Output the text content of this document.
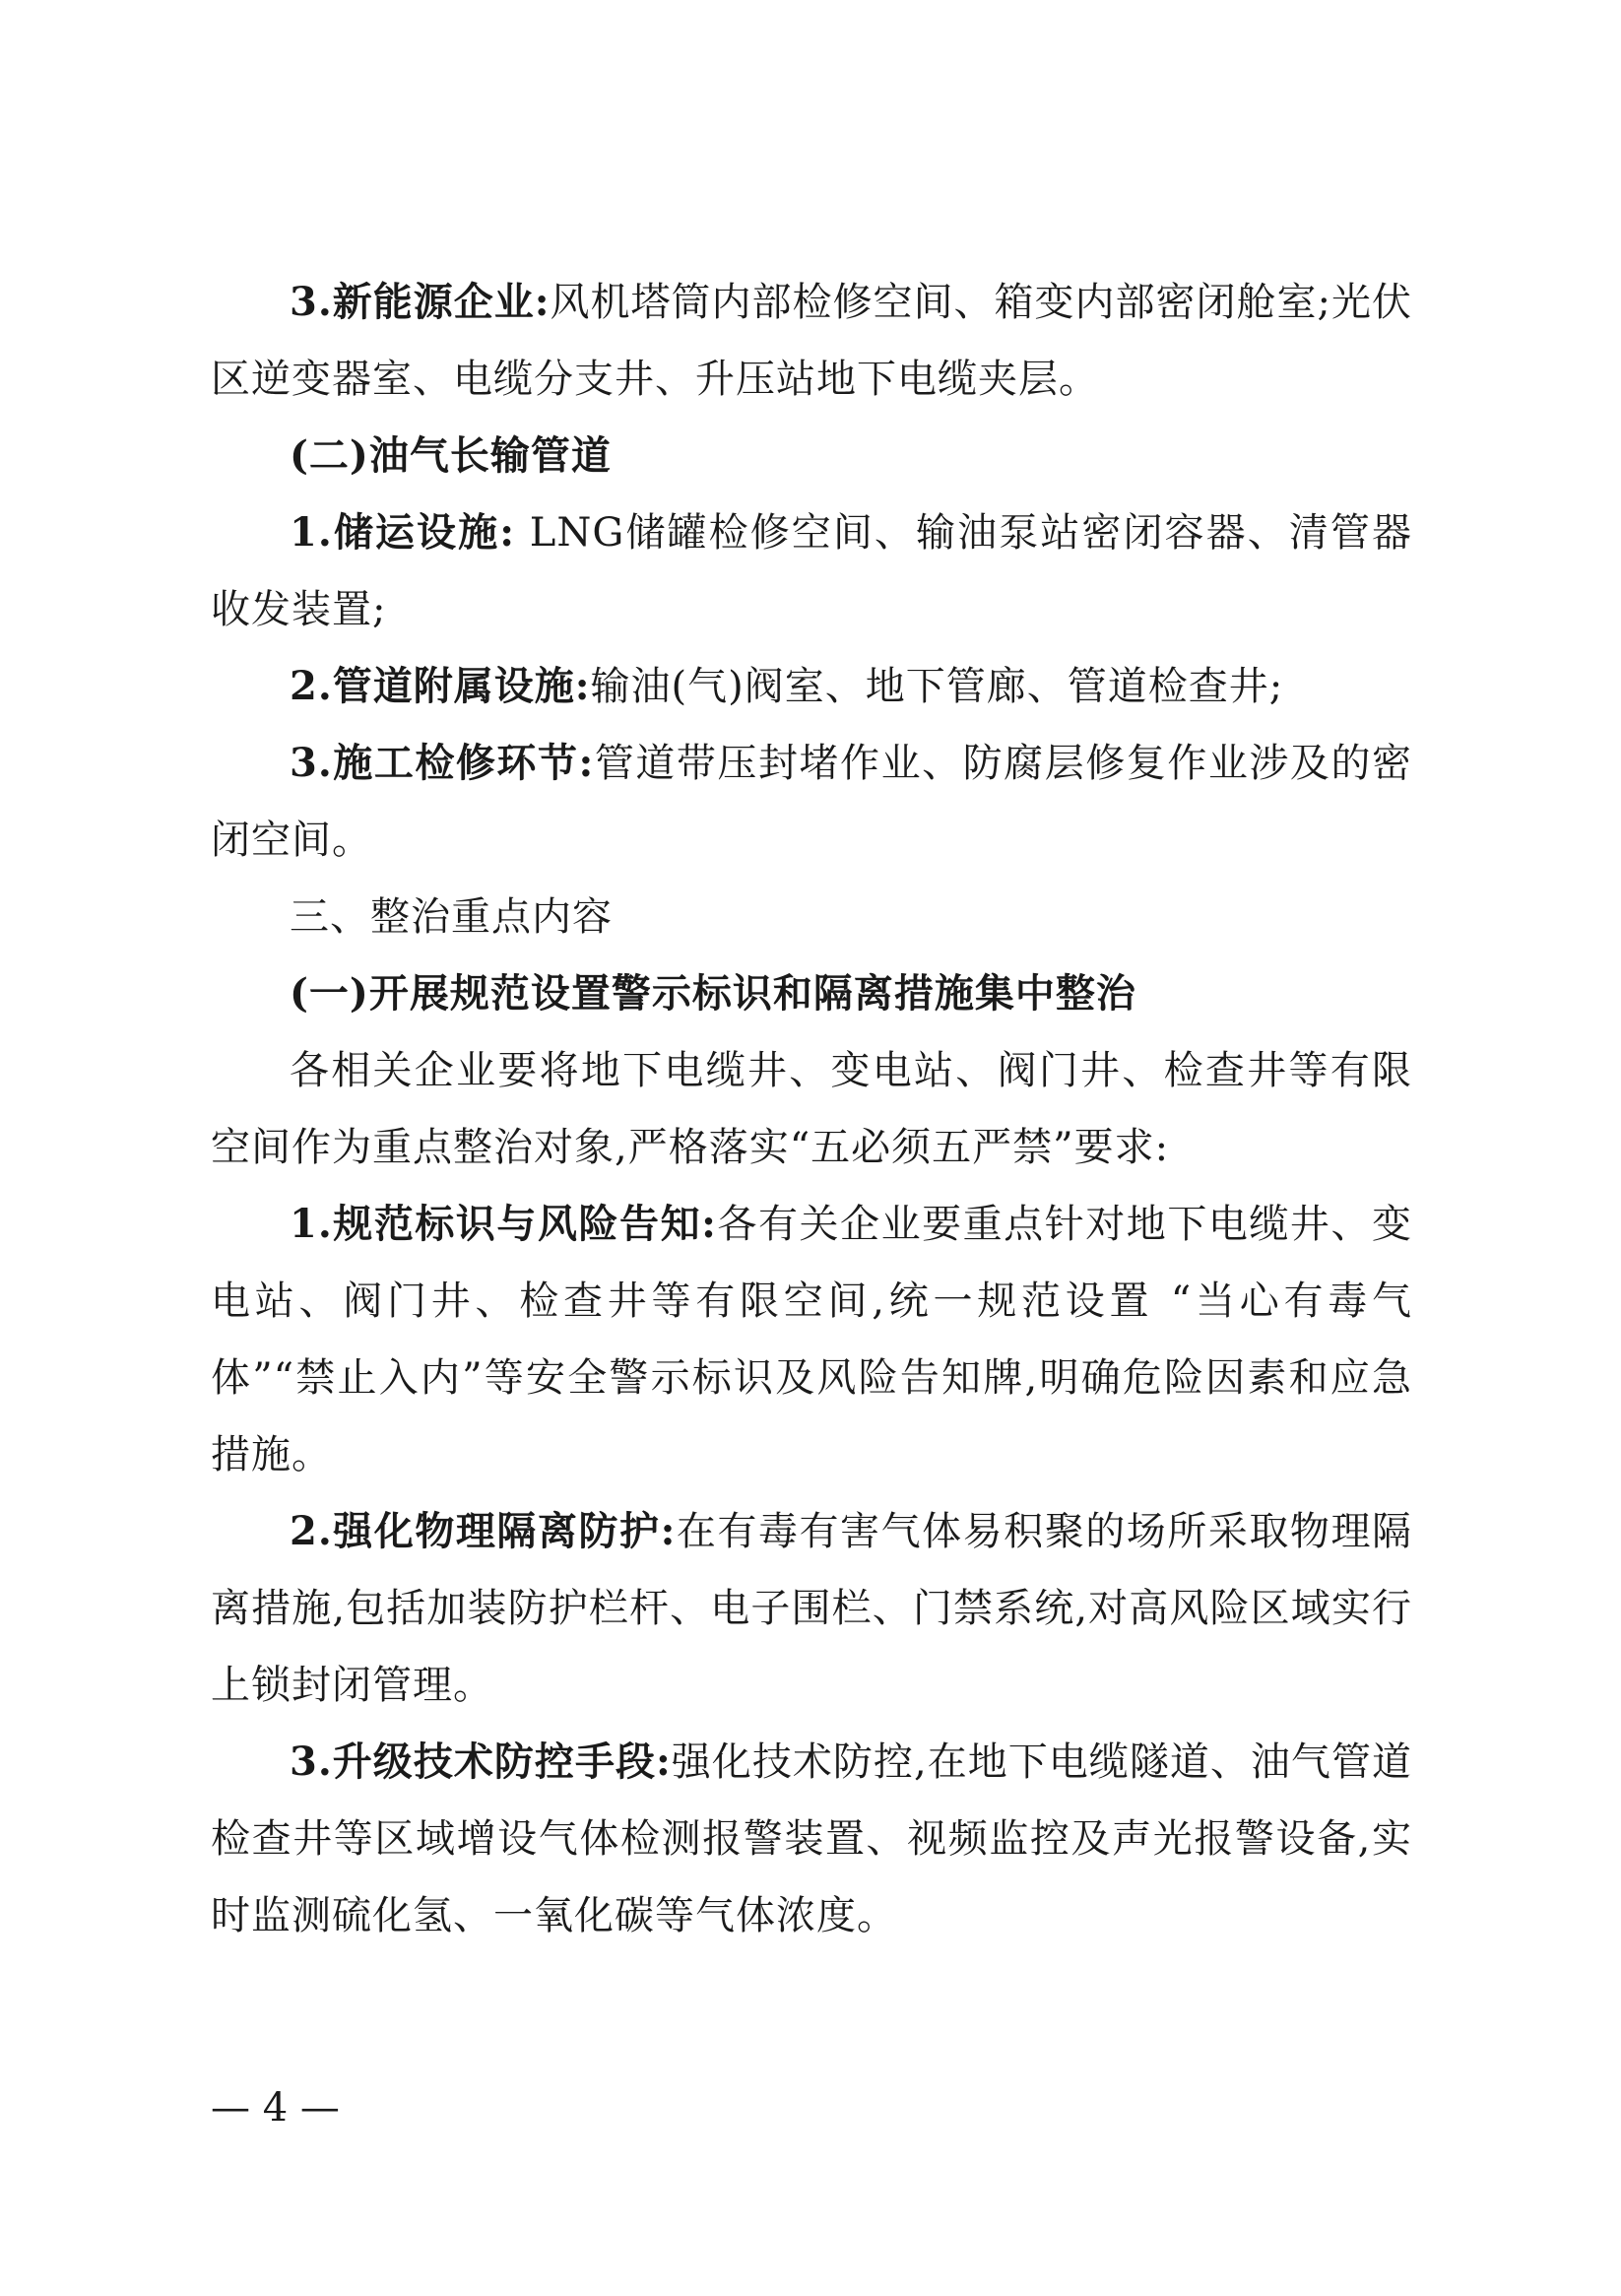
3.新能源企业:风机塔筒内部检修空间、箱变内部密闭舱室;光伏区逆变器室、电缆分支井、升压站地下电缆夹层。

(二)油气长输管道

1.储运设施: LNG储罐检修空间、输油泵站密闭容器、清管器收发装置;

2.管道附属设施:输油(气)阀室、地下管廊、管道检查井;

3.施工检修环节:管道带压封堵作业、防腐层修复作业涉及的密闭空间。

三、整治重点内容

(一)开展规范设置警示标识和隔离措施集中整治

各相关企业要将地下电缆井、变电站、阀门井、检查井等有限空间作为重点整治对象,严格落实“五必须五严禁”要求:

1.规范标识与风险告知:各有关企业要重点针对地下电缆井、变电站、阀门井、检查井等有限空间,统一规范设置 “当心有毒气体”“禁止入内”等安全警示标识及风险告知牌,明确危险因素和应急措施。

2.强化物理隔离防护:在有毒有害气体易积聚的场所采取物理隔离措施,包括加装防护栏杆、电子围栏、门禁系统,对高风险区域实行上锁封闭管理。

3.升级技术防控手段:强化技术防控,在地下电缆隧道、油气管道检查井等区域增设气体检测报警装置、视频监控及声光报警设备,实时监测硫化氢、一氧化碳等气体浓度。

— 4 —
